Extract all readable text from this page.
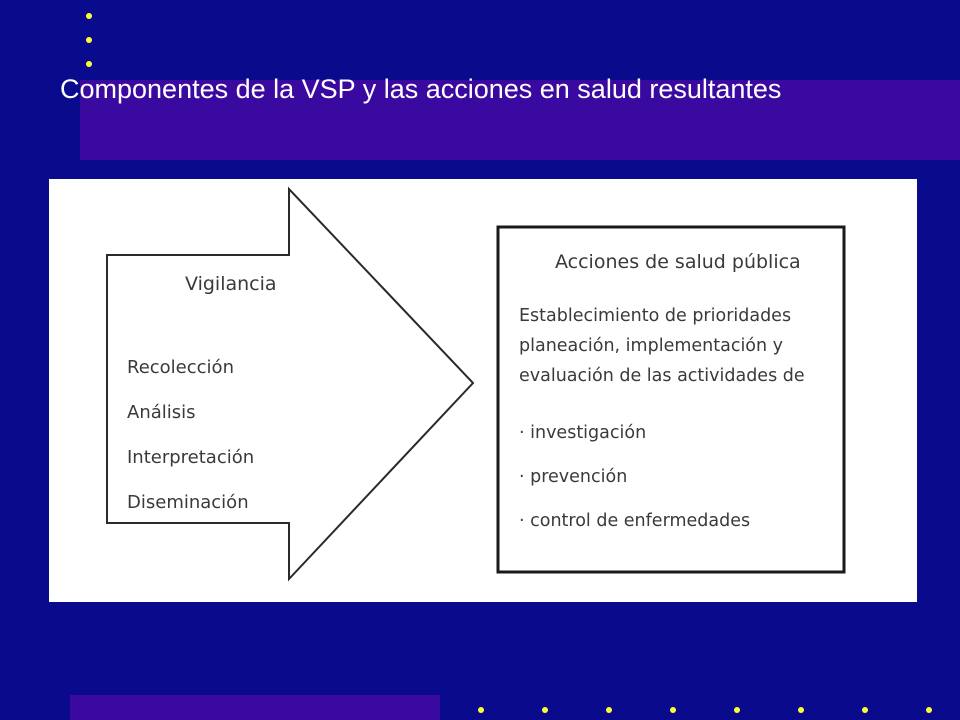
Componentes de la VSP y las acciones en salud resultantes
Vigilancia
Recolección
Análisis
Interpretación
Diseminación
Acciones de salud pública
Establecimiento de prioridades
planeación, implementación y
evaluación de las actividades de
· investigación
· prevención
· control de enfermedades
